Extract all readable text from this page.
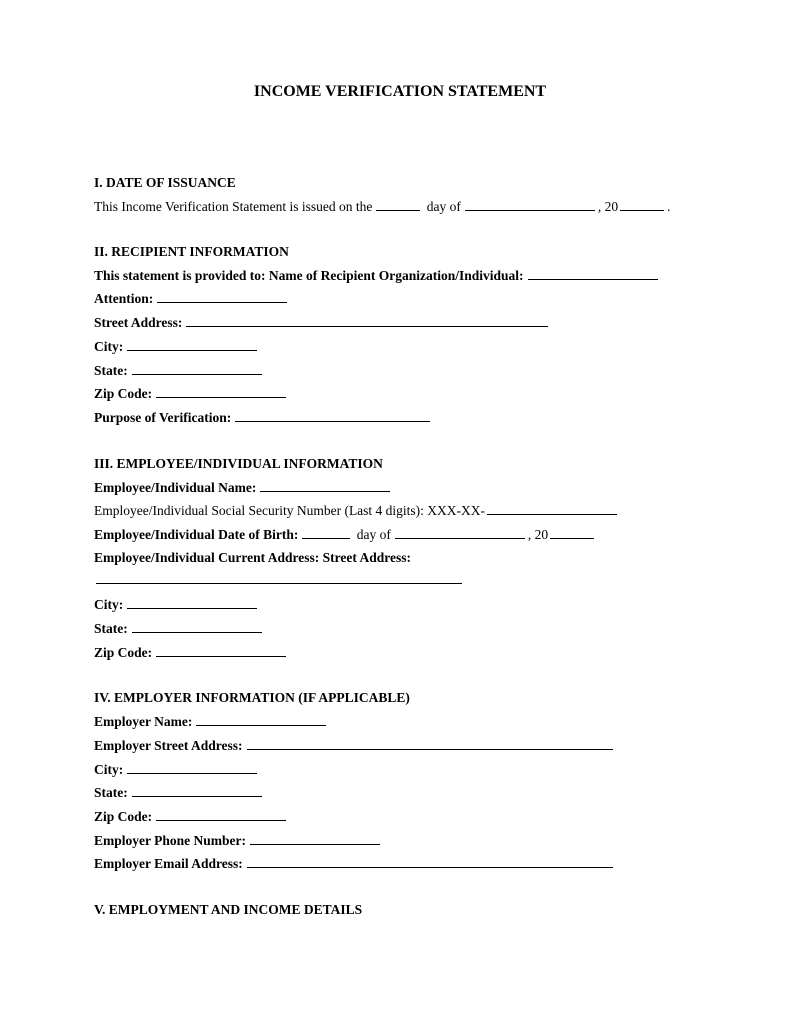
INCOME VERIFICATION STATEMENT
I. DATE OF ISSUANCE
This Income Verification Statement is issued on the	day of	, 20	.
II. RECIPIENT INFORMATION
This statement is provided to: Name of Recipient Organization/Individual:
Attention:
Street Address:
City:
State:
Zip Code:
Purpose of Verification:
III. EMPLOYEE/INDIVIDUAL INFORMATION
Employee/Individual Name:
Employee/Individual Social Security Number (Last 4 digits): XXX-XX-
Employee/Individual Date of Birth:	day of	, 20
Employee/Individual Current Address: Street Address:
City:
State:
Zip Code:
IV. EMPLOYER INFORMATION (IF APPLICABLE)
Employer Name:
Employer Street Address:
City:
State:
Zip Code:
Employer Phone Number:
Employer Email Address:
V. EMPLOYMENT AND INCOME DETAILS
